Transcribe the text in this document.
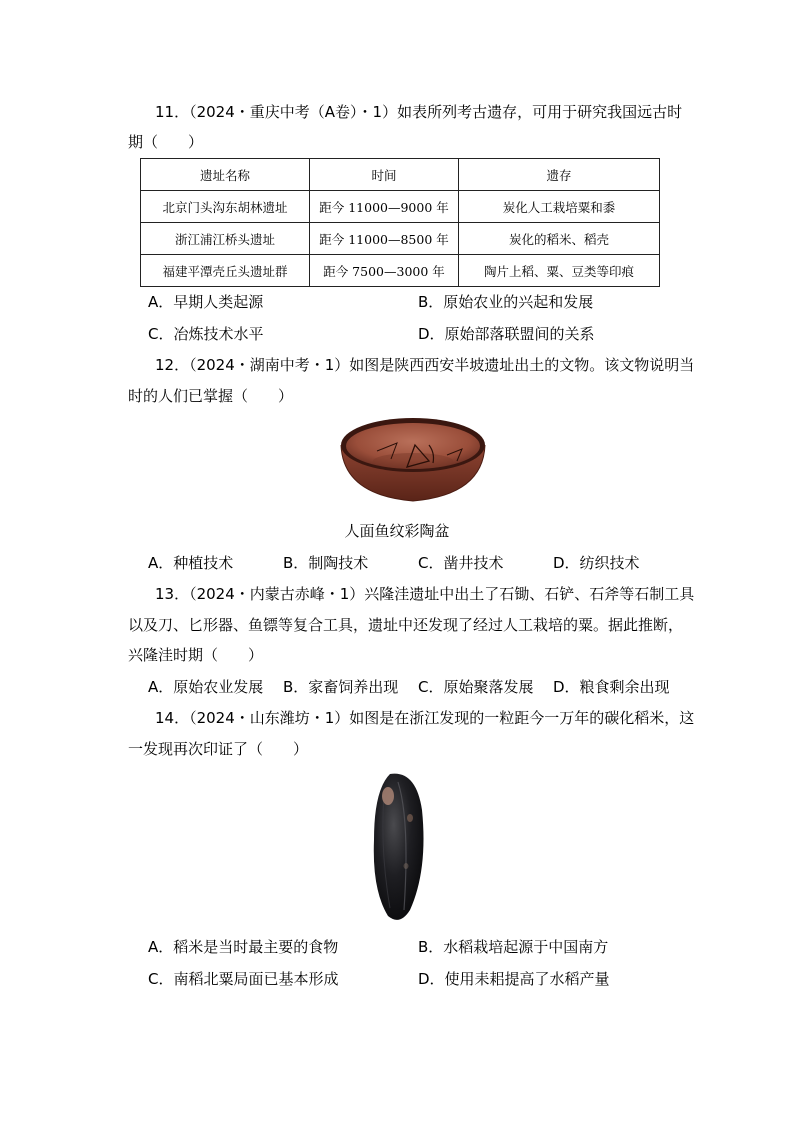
11．（2024・重庆中考（A卷）・1）如表所列考古遗存，可用于研究我国远古时
期（　　）
遗址名称	时间	遗存
北京门头沟东胡林遗址	距今 11000—9000 年	炭化人工栽培粟和黍
浙江浦江桥头遗址	距今 11000—8500 年	炭化的稻米、稻壳
福建平潭壳丘头遗址群	距今 7500—3000 年	陶片上稻、粟、豆类等印痕
A．早期人类起源	B．原始农业的兴起和发展
C．冶炼技术水平	D．原始部落联盟间的关系
12．（2024・湖南中考・1）如图是陕西西安半坡遗址出土的文物。该文物说明当
时的人们已掌握（　　）
人面鱼纹彩陶盆
A．种植技术	B．制陶技术	C．凿井技术	D．纺织技术
13．（2024・内蒙古赤峰・1）兴隆洼遗址中出土了石锄、石铲、石斧等石制工具
以及刀、匕形器、鱼镖等复合工具，遗址中还发现了经过人工栽培的粟。据此推断，
兴隆洼时期（　　）
A．原始农业发展 B．家畜饲养出现 C．原始聚落发展 D．粮食剩余出现
14．（2024・山东潍坊・1）如图是在浙江发现的一粒距今一万年的碳化稻米，这
一发现再次印证了（　　）
A．稻米是当时最主要的食物	B．水稻栽培起源于中国南方
C．南稻北粟局面已基本形成	D．使用耒耜提高了水稻产量
